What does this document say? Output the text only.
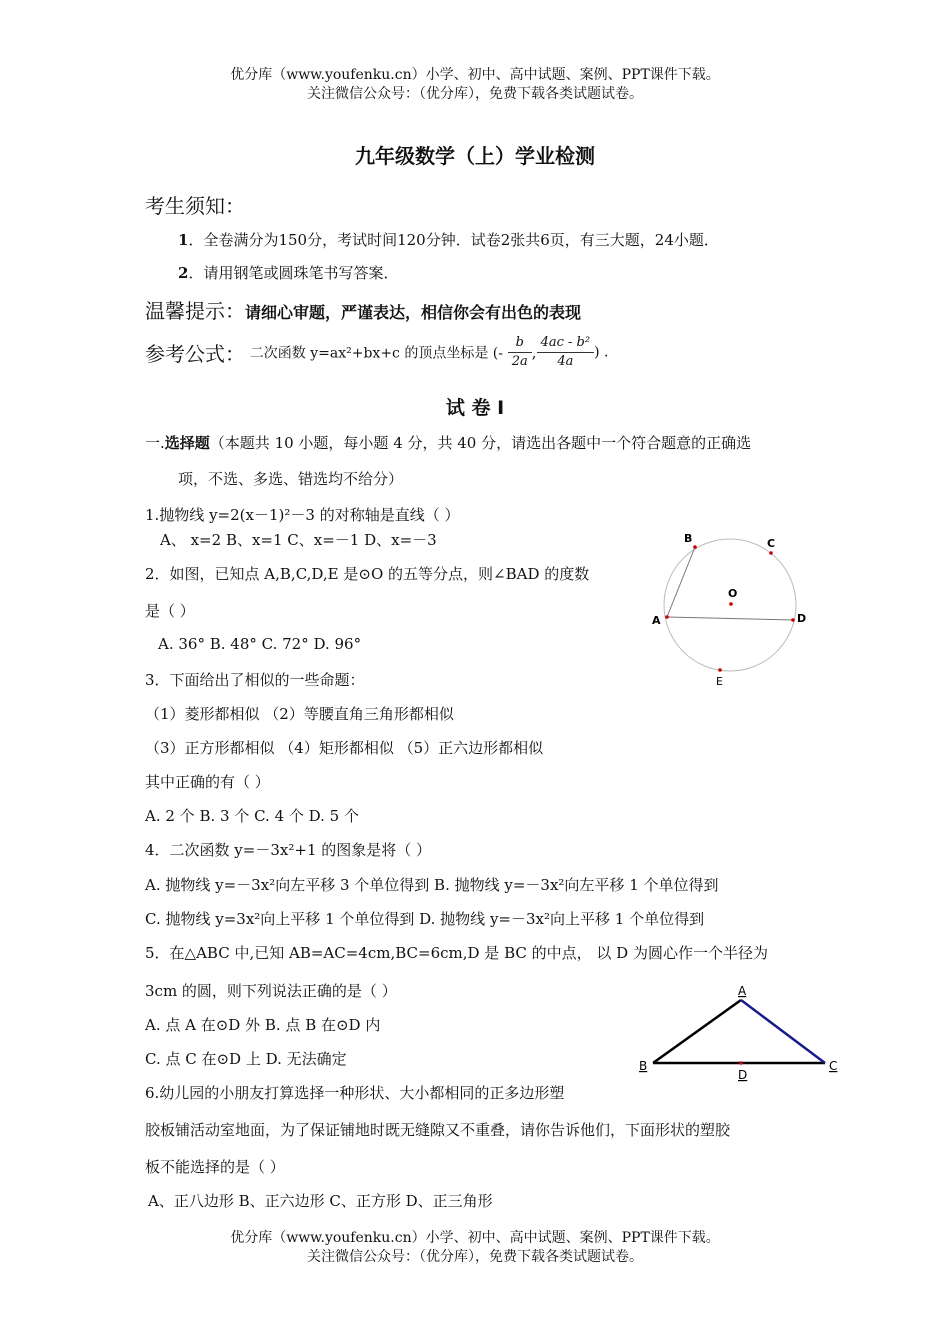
优分库（www.youfenku.cn）小学、初中、高中试题、案例、PPT课件下载。
关注微信公众号：（优分库），免费下载各类试题试卷。
九年级数学（上）学业检测
考生须知：
1．全卷满分为150分，考试时间120分钟．试卷2张共6页，有三大题，24小题．
2．请用钢笔或圆珠笔书写答案．
温馨提示：请细心审题，严谨表达，相信你会有出色的表现
参考公式： 二次函数 y=ax²+bx+c 的顶点坐标是 (- $\frac{b}{2a}$ , $\frac{\text{4ac - b²}}{4a}$ ) .
试 卷 Ⅰ
一.选择题（本题共 10 小题，每小题 4 分，共 40 分，请选出各题中一个符合题意的正确选
项，不选、多选、错选均不给分）
1.抛物线 y=2(x－1)²－3 的对称轴是直线（ ）
A、 x=2 B、x=1 C、x=－1 D、x=－3
2．如图，已知点 A,B,C,D,E 是⊙O 的五等分点，则∠BAD 的度数
是（ ）
A. 36° B. 48° C. 72° D. 96°
A
B	C
D
E
O
3．下面给出了相似的一些命题：
（1）菱形都相似 （2）等腰直角三角形都相似
（3）正方形都相似 （4）矩形都相似 （5）正六边形都相似
其中正确的有（ ）
A. 2 个 B. 3 个 C. 4 个 D. 5 个
4．二次函数 y=－3x²+1 的图象是将（ ）
A. 抛物线 y=－3x²向左平移 3 个单位得到 B. 抛物线 y=－3x²向左平移 1 个单位得到
C. 抛物线 y=3x²向上平移 1 个单位得到 D. 抛物线 y=－3x²向上平移 1 个单位得到
5．在△ABC 中,已知 AB=AC=4cm,BC=6cm,D 是 BC 的中点， 以 D 为圆心作一个半径为
3cm 的圆，则下列说法正确的是（ ）
A. 点 A 在⊙D 外 B. 点 B 在⊙D 内
C. 点 C 在⊙D 上 D. 无法确定
A
B	C
D
6.幼儿园的小朋友打算选择一种形状、大小都相同的正多边形塑
胶板铺活动室地面，为了保证铺地时既无缝隙又不重叠，请你告诉他们，下面形状的塑胶
板不能选择的是（ ）
A、正八边形 B、正六边形 C、正方形 D、正三角形
优分库（www.youfenku.cn）小学、初中、高中试题、案例、PPT课件下载。
关注微信公众号：（优分库），免费下载各类试题试卷。
